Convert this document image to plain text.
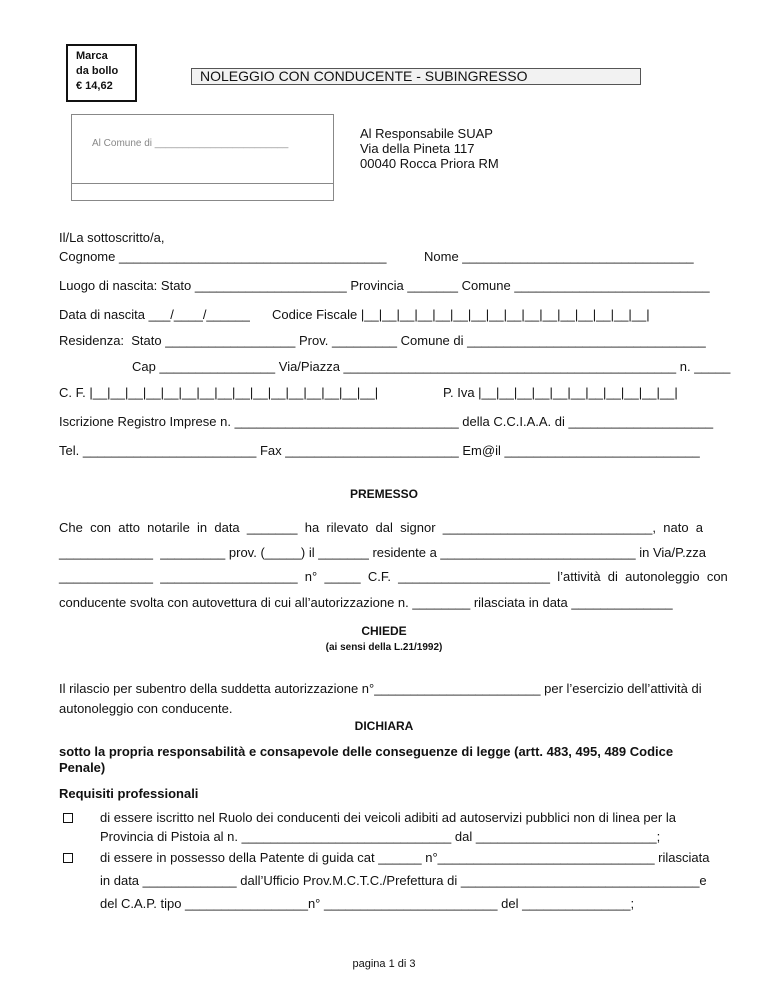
Marca
da bollo
€ 14,62
NOLEGGIO CON CONDUCENTE - SUBINGRESSO
Al Comune di ________________________
Al Responsabile SUAP
Via della Pineta 117
00040 Rocca Priora RM
Il/La sottoscritto/a,
Cognome _____________________________________	Nome ________________________________
Luogo di nascita: Stato _____________________ Provincia _______ Comune ___________________________
Data di nascita ___/____/______ Codice Fiscale |__|__|__|__|__|__|__|__|__|__|__|__|__|__|__|__|
Residenza:  Stato __________________ Prov. _________ Comune di _________________________________
Cap ________________ Via/Piazza ______________________________________________ n. _____
C. F. |__|__|__|__|__|__|__|__|__|__|__|__|__|__|__|__|	P. Iva |__|__|__|__|__|__|__|__|__|__|__|
Iscrizione Registro Imprese n. _______________________________ della C.C.I.A.A. di ____________________
Tel. ________________________ Fax ________________________ Em@il ___________________________
PREMESSO
Che  con  atto  notarile  in  data  _______  ha  rilevato  dal  signor  _____________________________,  nato  a
_____________  _________ prov. (_____) il _______ residente a ___________________________ in Via/P.zza
_____________  ___________________  n°  _____  C.F.  _____________________  l’attività  di  autonoleggio  con
conducente svolta con autovettura di cui all’autorizzazione n. ________ rilasciata in data ______________
CHIEDE
(ai sensi della L.21/1992)
Il rilascio per subentro della suddetta autorizzazione n°_______________________ per l’esercizio dell’attività di
autonoleggio con conducente.
DICHIARA
sotto la propria responsabilità e consapevole delle conseguenze di legge (artt. 483, 495, 489 Codice
Penale)
Requisiti professionali
di essere iscritto nel Ruolo dei conducenti dei veicoli adibiti ad autoservizi pubblici non di linea per la
Provincia di Pistoia al n. _____________________________ dal _________________________;
di essere in possesso della Patente di guida cat ______ n°______________________________ rilasciata
in data _____________ dall’Ufficio Prov.M.C.T.C./Prefettura di _________________________________e
del C.A.P. tipo _________________n° ________________________ del _______________;
pagina 1 di 3
